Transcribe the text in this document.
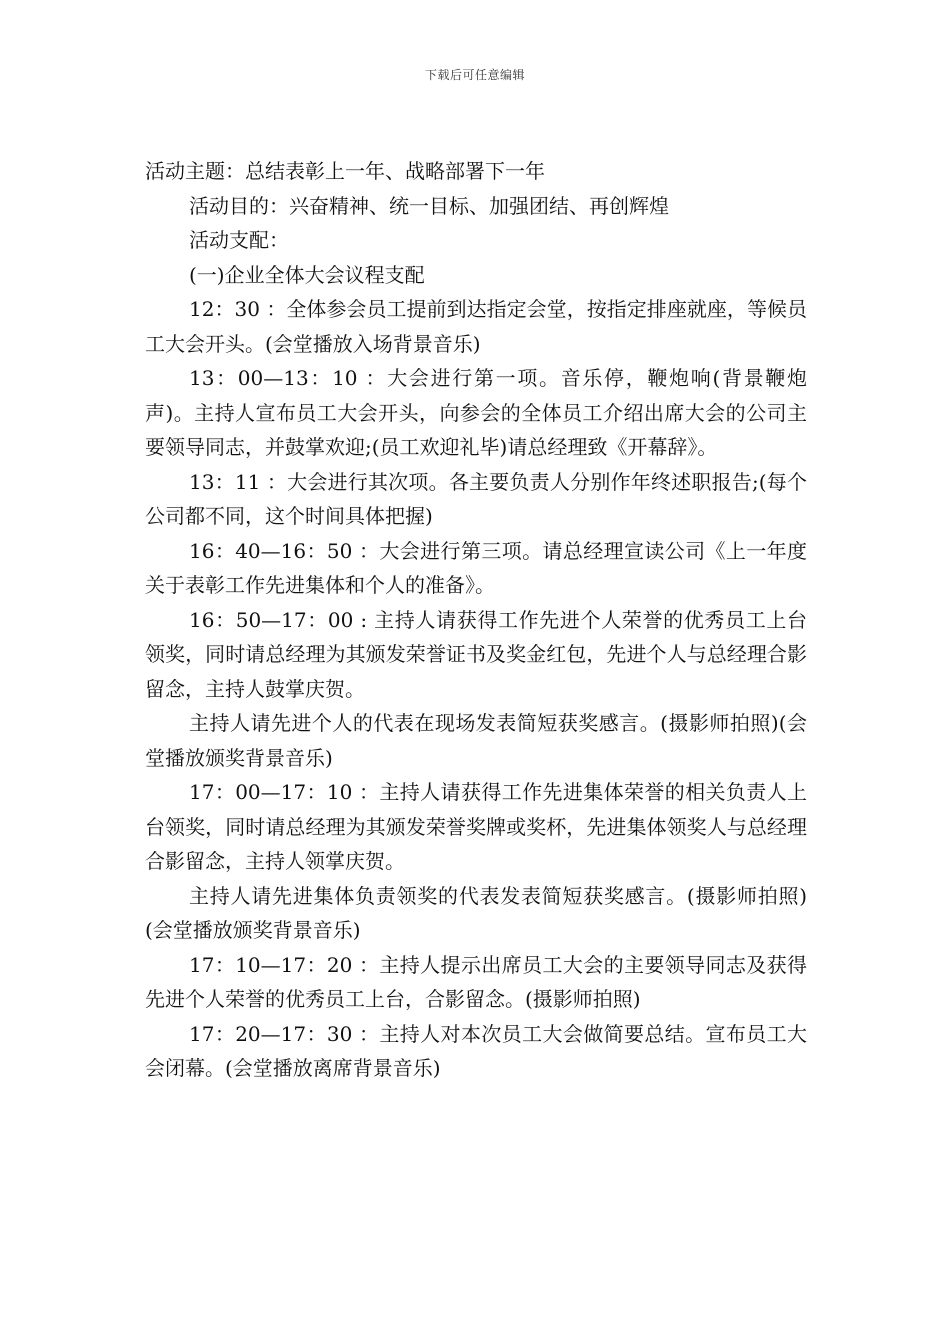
下载后可任意编辑

活动主题：总结表彰上一年、战略部署下一年

活动目的：兴奋精神、统一目标、加强团结、再创辉煌

活动支配：

(一)企业全体大会议程支配

12：30 ：全体参会员工提前到达指定会堂，按指定排座就座，等候员工大会开头。(会堂播放入场背景音乐)

13：00—13：10 ：大会进行第一项。音乐停，鞭炮响(背景鞭炮声)。主持人宣布员工大会开头，向参会的全体员工介绍出席大会的公司主要领导同志，并鼓掌欢迎;(员工欢迎礼毕)请总经理致《开幕辞》。

13：11 ：大会进行其次项。各主要负责人分别作年终述职报告;(每个公司都不同，这个时间具体把握)

16：40—16：50 ：大会进行第三项。请总经理宣读公司《上一年度关于表彰工作先进集体和个人的准备》。

16：50—17：00 : 主持人请获得工作先进个人荣誉的优秀员工上台领奖，同时请总经理为其颁发荣誉证书及奖金红包，先进个人与总经理合影留念，主持人鼓掌庆贺。

主持人请先进个人的代表在现场发表简短获奖感言。(摄影师拍照)(会堂播放颁奖背景音乐)

17：00—17：10 ：主持人请获得工作先进集体荣誉的相关负责人上台领奖，同时请总经理为其颁发荣誉奖牌或奖杯，先进集体领奖人与总经理合影留念，主持人领掌庆贺。

主持人请先进集体负责领奖的代表发表简短获奖感言。(摄影师拍照)(会堂播放颁奖背景音乐)

17：10—17：20 ：主持人提示出席员工大会的主要领导同志及获得先进个人荣誉的优秀员工上台，合影留念。(摄影师拍照)

17：20—17：30 ：主持人对本次员工大会做简要总结。宣布员工大会闭幕。(会堂播放离席背景音乐)
